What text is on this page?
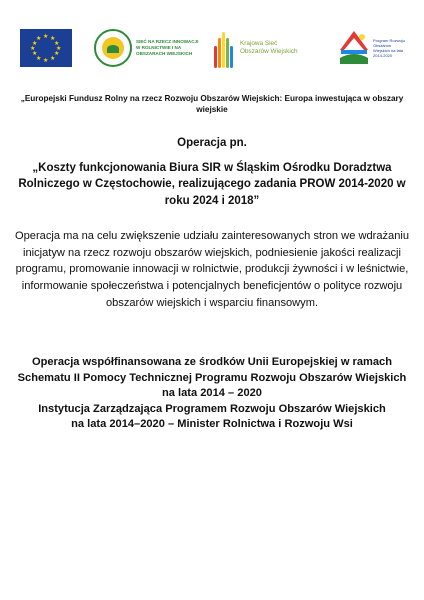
★ ★
★
★
★
★
★
★
★
★
★
★	SIEĆ NA RZECZ INNOWACJI W ROLNICTWIE I NA OBSZARACH WIEJSKICH
Krajowa Sieć
Obszarów Wiejskich
Program Rozwoju Obszarów Wiejskich na lata 2014-2020

„Europejski Fundusz Rolny na rzecz Rozwoju Obszarów Wiejskich: Europa inwestująca w obszary wiejskie

Operacja pn.

„Koszty funkcjonowania Biura SIR w Śląskim Ośrodku Doradztwa Rolniczego w Częstochowie, realizującego zadania PROW 2014-2020 w roku 2024 i 2018”

Operacja ma na celu zwiększenie udziału zainteresowanych stron we wdrażaniu inicjatyw na rzecz rozwoju obszarów wiejskich, podniesienie jakości realizacji programu, promowanie innowacji w rolnictwie, produkcji żywności i w leśnictwie, informowanie społeczeństwa i potencjalnych beneficjentów o polityce rozwoju obszarów wiejskich i wsparciu finansowym.

Operacja współfinansowana ze środków Unii Europejskiej w ramach Schematu II Pomocy Technicznej Programu Rozwoju Obszarów Wiejskich na lata 2014 – 2020
Instytucja Zarządzająca Programem Rozwoju Obszarów Wiejskich
na lata 2014–2020 – Minister Rolnictwa i Rozwoju Wsi
